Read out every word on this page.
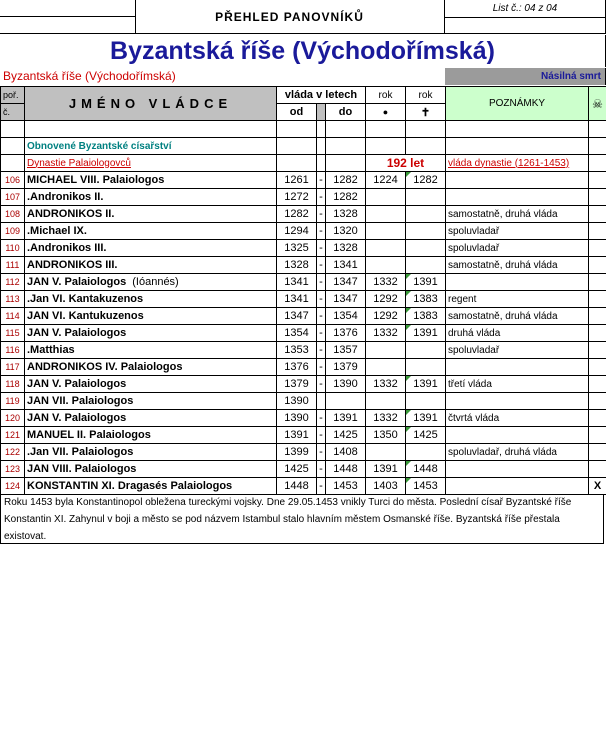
PŘEHLED PANOVNÍKŮ
List č.: 04 z 04
Byzantská říše (Východořímská)
Byzantská říše (Východořímská)	Násilná smrt
poř.	JMÉNO VLÁDCE	vláda v letech			rok	rok	POZNÁMKY	☠
č.		od		do	●	✝		

	Obnovené Byzantské císařství							
	Dynastie Palaiologovců				192 let		vláda dynastie (1261-1453)	
106	MICHAEL VIII. Palaiologos	1261	-	1282	1224	1282		
107	.Andronikos II.	1272	-	1282				
108	ANDRONIKOS II.	1282	-	1328			samostatně, druhá vláda	
109	.Michael IX.	1294	-	1320			spoluvladař	
110	.Andronikos III.	1325	-	1328			spoluvladař	
111	ANDRONIKOS III.	1328	-	1341			samostatně, druhá vláda	
112	JAN V. Palaiologos (Ióannés)	1341	-	1347	1332	1391		
113	.Jan VI. Kantakuzenos	1341	-	1347	1292	1383	regent	
114	JAN VI. Kantukuzenos	1347	-	1354	1292	1383	samostatně, druhá vláda	
115	JAN V. Palaiologos	1354	-	1376	1332	1391	druhá vláda	
116	.Matthias	1353	-	1357			spoluvladař	
117	ANDRONIKOS IV. Palaiologos	1376	-	1379				
118	JAN V. Palaiologos	1379	-	1390	1332	1391	třetí vláda	
119	JAN VII. Palaiologos	1390						
120	JAN V. Palaiologos	1390	-	1391	1332	1391	čtvrtá vláda	
121	MANUEL II. Palaiologos	1391	-	1425	1350	1425		
122	.Jan VII. Palaiologos	1399	-	1408			spoluvladař, druhá vláda	
123	JAN VIII. Palaiologos	1425	-	1448	1391	1448		
124	KONSTANTIN XI. Dragasés Palaiologos	1448	-	1453	1403	1453		X

Roku 1453 byla Konstantinopol obležena tureckými vojsky. Dne 29.05.1453 vnikly Turci do města. Poslední císař Byzantské říše Konstantin XI. Zahynul v boji a město se pod názvem Istambul stalo hlavním městem Osmanské říše. Byzantská říše přestala existovat.
